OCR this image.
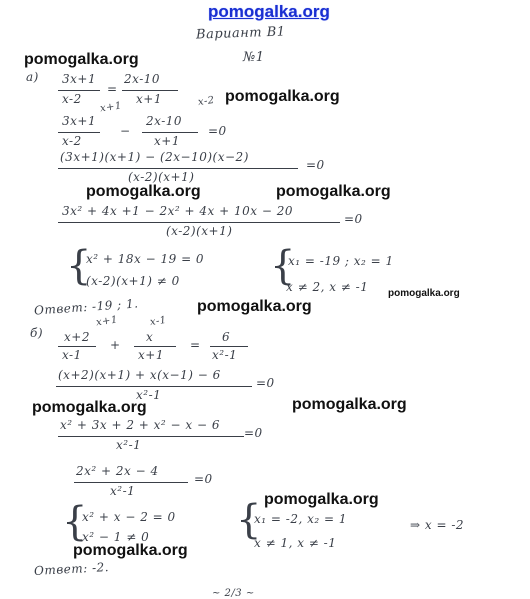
pomogalka.org
pomogalka.org
pomogalka.org
pomogalka.org	pomogalka.org
pomogalka.org
pomogalka.org
pomogalka.org	pomogalka.org
pomogalka.org
pomogalka.org
Вариант В1
№1
а) 3x+1
x-2
=
2x-10
x+1
x+1	x-2
3x+1
x-2
−
2x-10
x+1
=0
(3x+1)(x+1) − (2x−10)(x−2)
(x-2)(x+1)
=0
3x² + 4x +1 − 2x² + 4x + 10x − 20
(x-2)(x+1)
=0
{
x² + 18x − 19 = 0
(x-2)(x+1) ≠ 0 {
x₁ = -19 ; x₂ = 1
x ≠ 2, x ≠ -1
Ответ: -19 ; 1.
б)
x+1	x-1
x+2
x-1
+
x
x+1
=
6
x²-1
(x+2)(x+1) + x(x−1) − 6
x²-1
=0
x² + 3x + 2 + x² − x − 6
x²-1
=0
2x² + 2x − 4
x²-1
=0
{
x² + x − 2 = 0
x² − 1 ≠ 0 {
x₁ = -2, x₂ = 1
x ≠ 1, x ≠ -1
⇒ x = -2
Ответ: -2.
~ 2/3 ~
